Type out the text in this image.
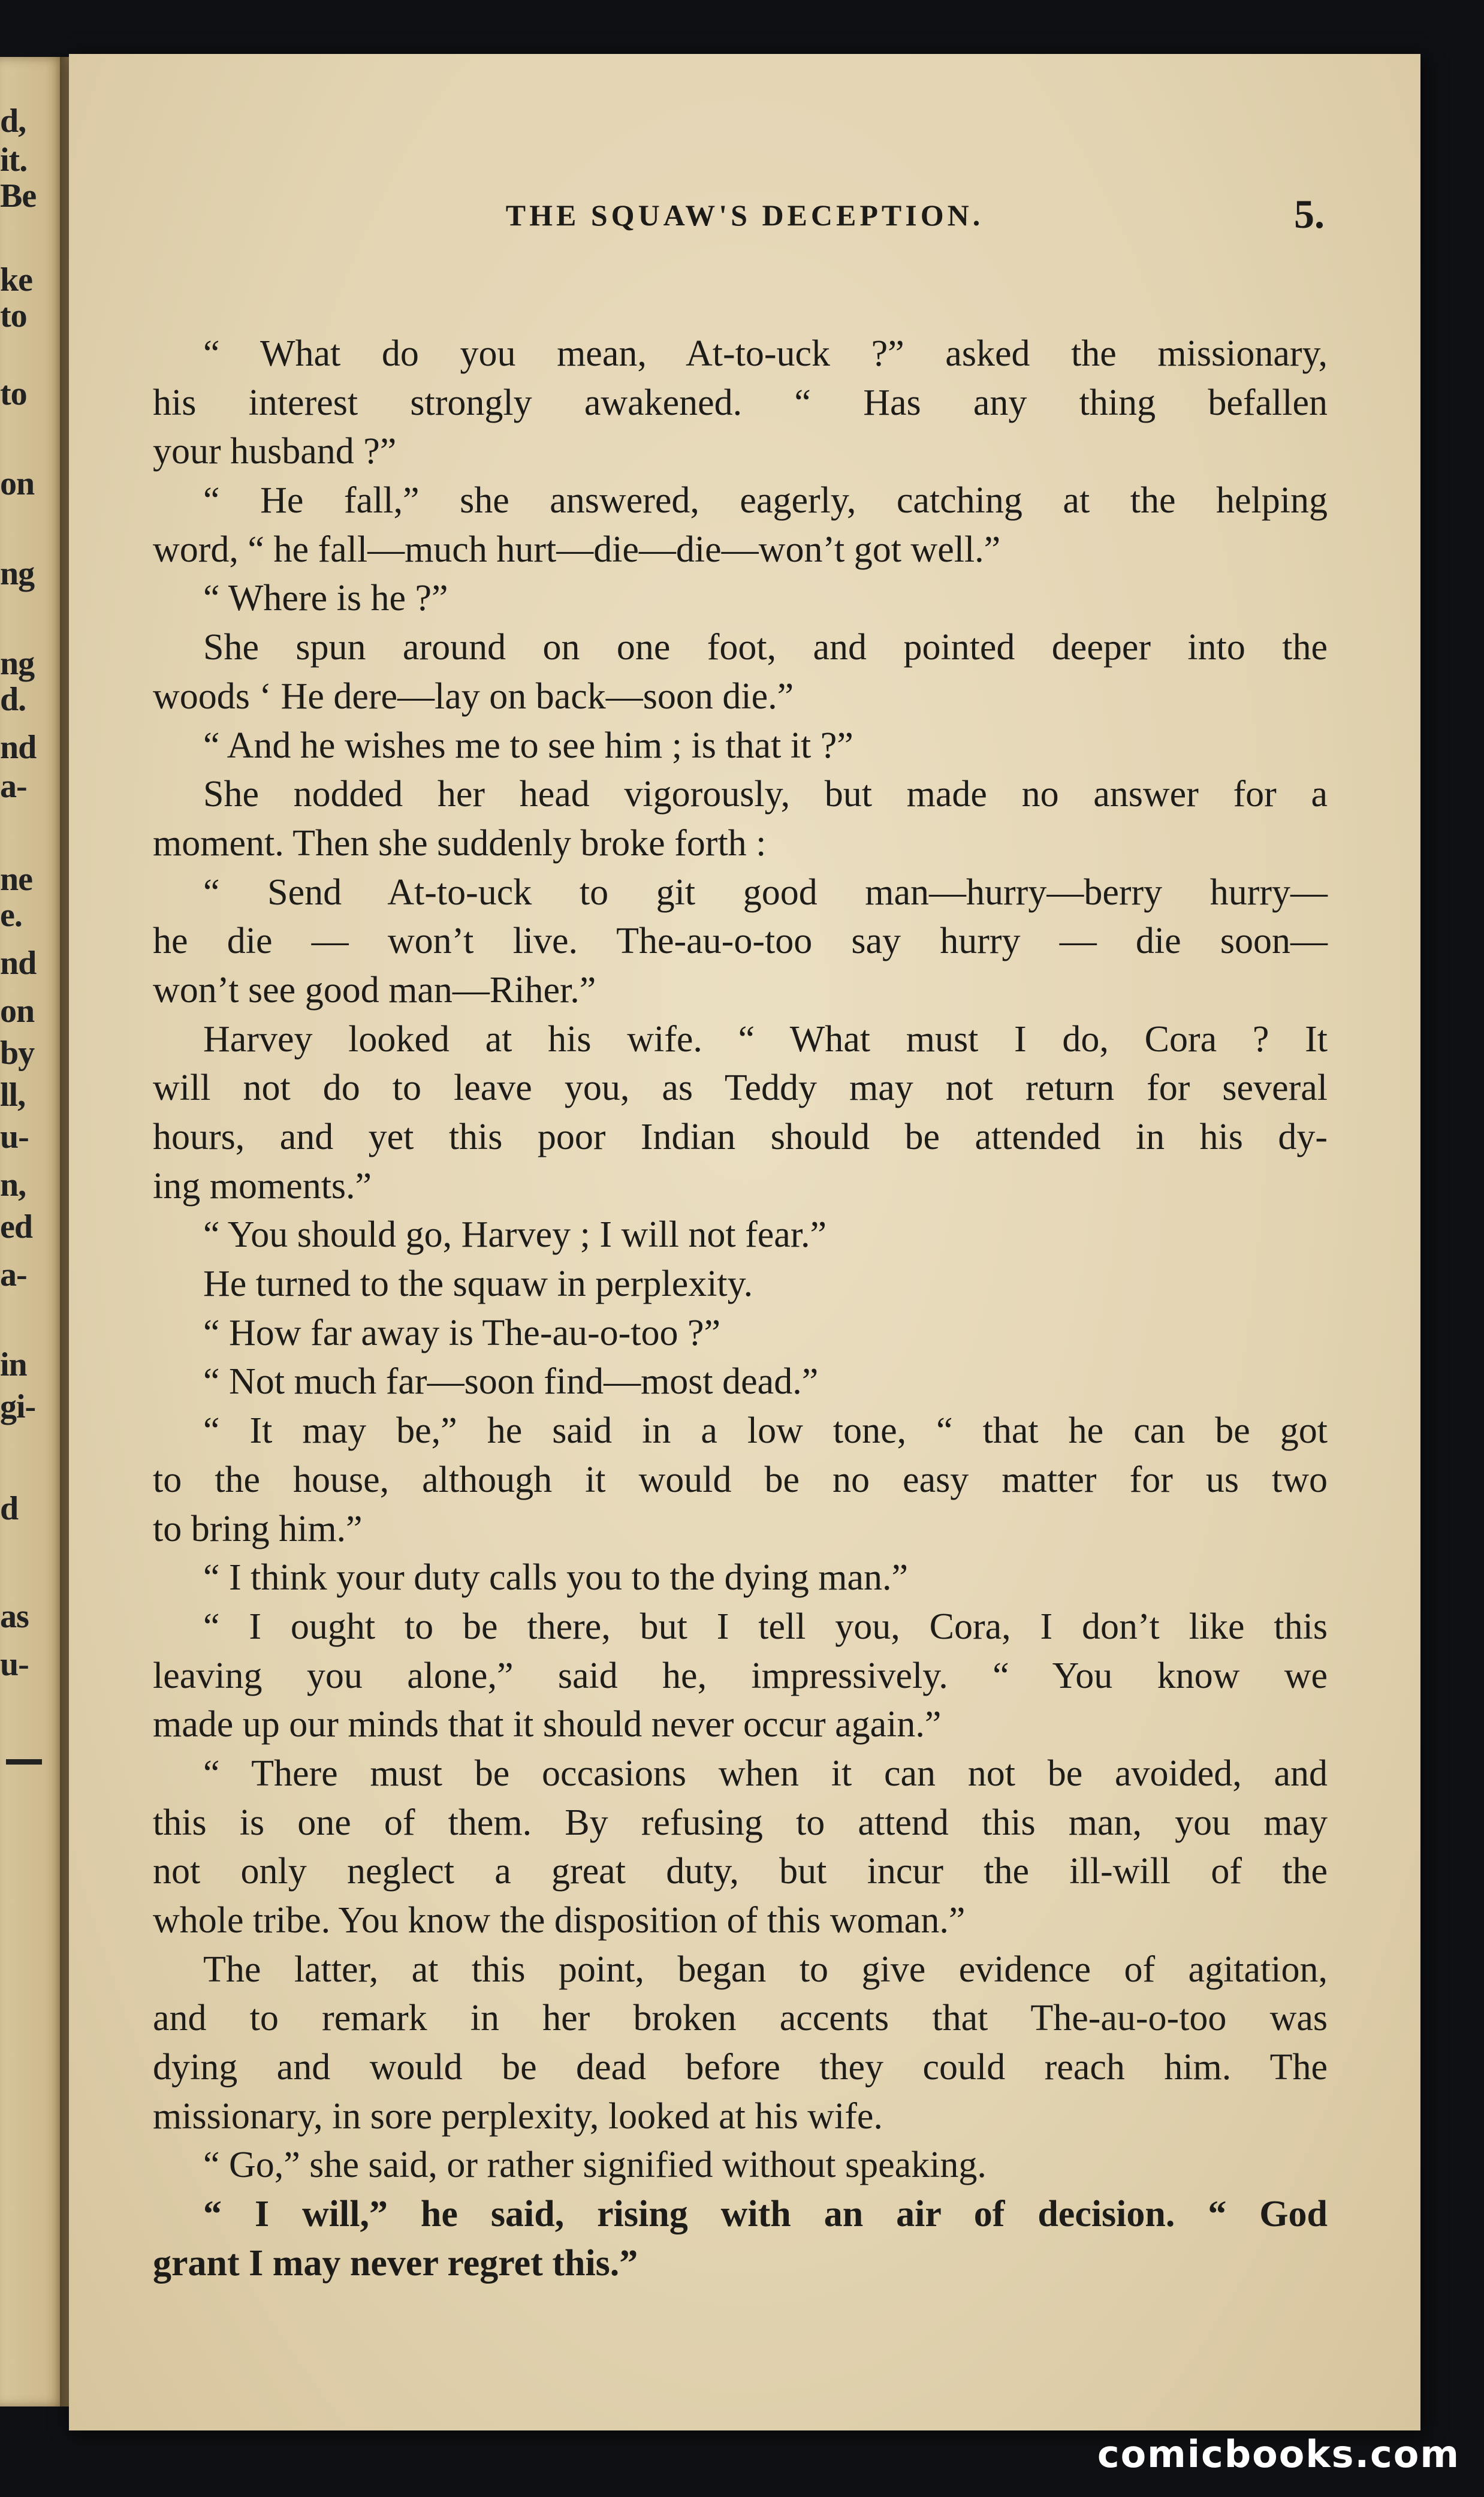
d,
it.
Be
ke
to
to
on
ng
ng
d.
nd
a-
ne
e.
nd
on
by
ll,
u-
n,
ed
a-
in
gi-
d
as
u-
THE SQUAW'S DECEPTION.	5.
“ What do you mean, At-to-uck ?” asked the missionary,
his interest strongly awakened. “ Has any thing befallen
your husband ?”
“ He fall,” she answered, eagerly, catching at the helping
word, “ he fall—much hurt—die—die—won’t got well.”
“ Where is he ?”
She spun around on one foot, and pointed deeper into the
woods ‘ He dere—lay on back—soon die.”
“ And he wishes me to see him ; is that it ?”
She nodded her head vigorously, but made no answer for a
moment. Then she suddenly broke forth :
“ Send At-to-uck to git good man—hurry—berry hurry—
he die — won’t live. The-au-o-too say hurry — die soon—
won’t see good man—Riher.”
Harvey looked at his wife. “ What must I do, Cora ? It
will not do to leave you, as Teddy may not return for several
hours, and yet this poor Indian should be attended in his dy-
ing moments.”
“ You should go, Harvey ; I will not fear.”
He turned to the squaw in perplexity.
“ How far away is The-au-o-too ?”
“ Not much far—soon find—most dead.”
“ It may be,” he said in a low tone, “ that he can be got
to the house, although it would be no easy matter for us two
to bring him.”
“ I think your duty calls you to the dying man.”
“ I ought to be there, but I tell you, Cora, I don’t like this
leaving you alone,” said he, impressively. “ You know we
made up our minds that it should never occur again.”
“ There must be occasions when it can not be avoided, and
this is one of them. By refusing to attend this man, you may
not only neglect a great duty, but incur the ill-will of the
whole tribe. You know the disposition of this woman.”
The latter, at this point, began to give evidence of agitation,
and to remark in her broken accents that The-au-o-too was
dying and would be dead before they could reach him. The
missionary, in sore perplexity, looked at his wife.
“ Go,” she said, or rather signified without speaking.
“ I will,” he said, rising with an air of decision. “ God
grant I may never regret this.”
comicbooks.com
